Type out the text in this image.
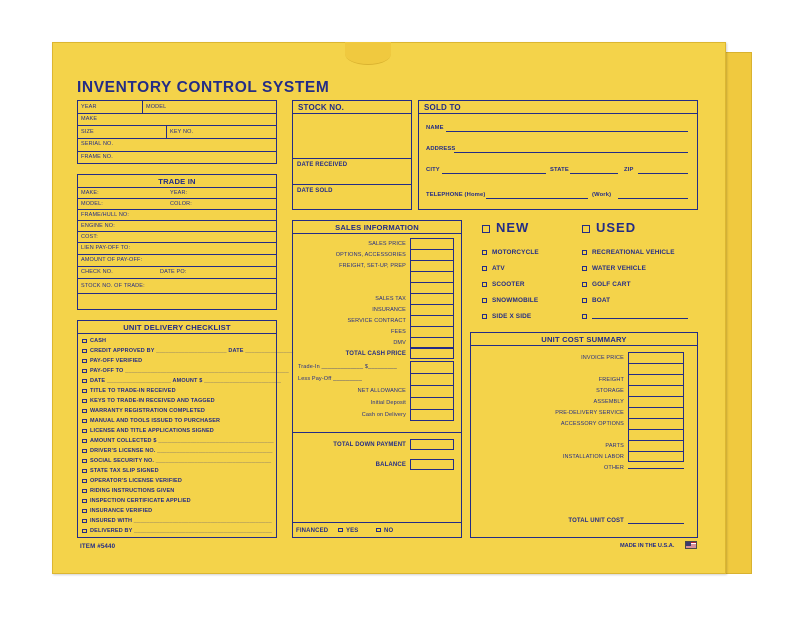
INVENTORY CONTROL SYSTEM
YEAR	MODEL
MAKE
SIZE	KEY NO.
SERIAL NO.
FRAME NO.
TRADE IN
MAKE:	YEAR:
MODEL:	COLOR:
FRAME/HULL NO:
ENGINE NO:
COST:
LIEN PAY-OFF TO:
AMOUNT OF PAY-OFF:
CHECK NO.	DATE PO:
STOCK NO. OF TRADE:
UNIT DELIVERY CHECKLIST
CASH
CREDIT APPROVED BY ______________________ DATE _______________
PAY-OFF VERIFIED
PAY-OFF TO ___________________________________________________
DATE ____________________ AMOUNT $ ________________________
TITLE TO TRADE-IN RECEIVED
KEYS TO TRADE-IN RECEIVED AND TAGGED
WARRANTY REGISTRATION COMPLETED
MANUAL AND TOOLS ISSUED TO PURCHASER
LICENSE AND TITLE APPLICATIONS SIGNED
AMOUNT COLLECTED $ ____________________________________
DRIVER'S LICENSE NO. ____________________________________
SOCIAL SECURITY NO. ____________________________________
STATE TAX SLIP SIGNED
OPERATOR'S LICENSE VERIFIED
RIDING INSTRUCTIONS GIVEN
INSPECTION CERTIFICATE APPLIED
INSURANCE VERIFIED
INSURED WITH ___________________________________________
DELIVERED BY ___________________________________________
ITEM #5440
STOCK NO.
DATE RECEIVED
DATE SOLD
SOLD TO
NAME
ADDRESS
CITY	STATE	ZIP
TELEPHONE (Home)	(Work)
SALES INFORMATION
SALES PRICE
OPTIONS, ACCESSORIES
FREIGHT, SET-UP, PREP
SALES TAX
INSURANCE
SERVICE CONTRACT
FEES
DMV
TOTAL CASH PRICE
Trade-In _____________ $_________
Less Pay-Off _________
NET ALLOWANCE
Initial Deposit
Cash on Delivery
TOTAL DOWN PAYMENT
BALANCE
FINANCED	YES	NO
NEW	USED
MOTORCYCLE
ATV
SCOOTER
SNOWMOBILE
SIDE X SIDE
RECREATIONAL VEHICLE
WATER VEHICLE
GOLF CART
BOAT
UNIT COST SUMMARY
INVOICE PRICE
FREIGHT
STORAGE
ASSEMBLY
PRE-DELIVERY SERVICE
ACCESSORY OPTIONS
PARTS
INSTALLATION LABOR
OTHER
TOTAL UNIT COST
MADE IN THE U.S.A.
